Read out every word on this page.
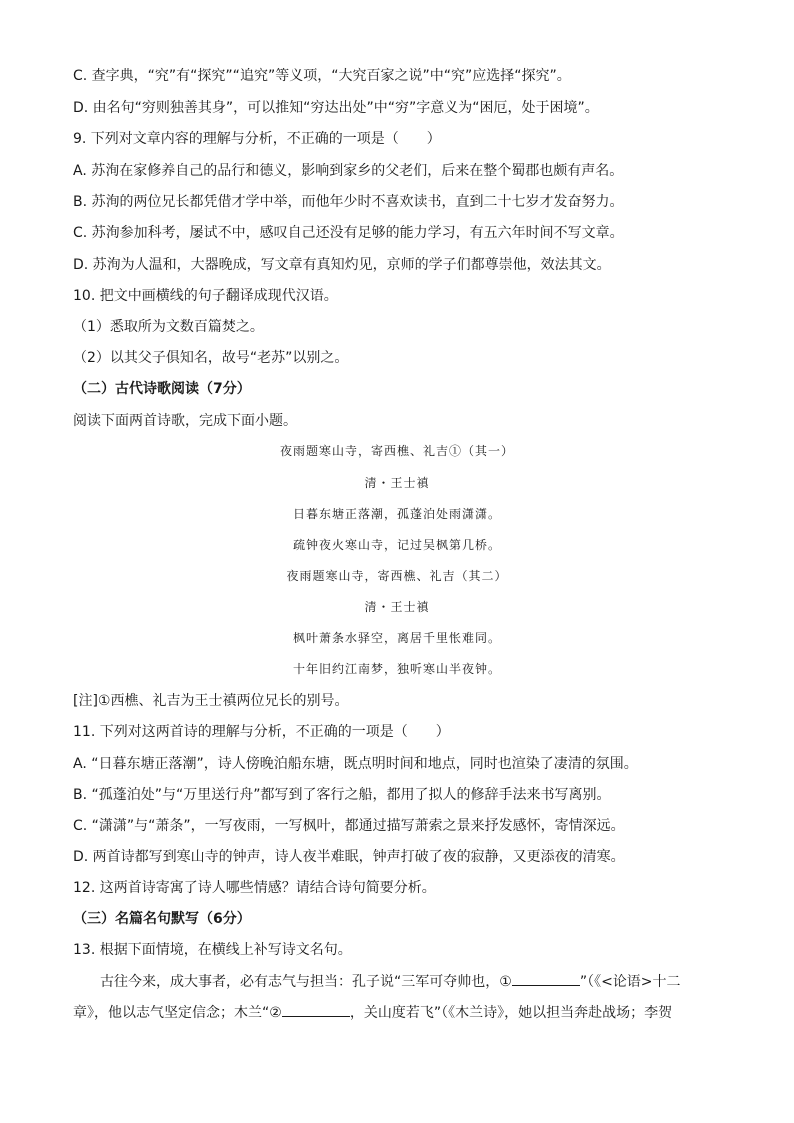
C. 查字典，“究”有“探究”“追究”等义项，“大究百家之说”中“究”应选择“探究”。
D. 由名句“穷则独善其身”，可以推知“穷达出处”中“穷”字意义为“困厄，处于困境”。
9. 下列对文章内容的理解与分析，不正确的一项是（　　）
A. 苏洵在家修养自己的品行和德义，影响到家乡的父老们，后来在整个蜀郡也颇有声名。
B. 苏洵的两位兄长都凭借才学中举，而他年少时不喜欢读书，直到二十七岁才发奋努力。
C. 苏洵参加科考，屡试不中，感叹自己还没有足够的能力学习，有五六年时间不写文章。
D. 苏洵为人温和，大器晚成，写文章有真知灼见，京师的学子们都尊崇他，效法其文。
10. 把文中画横线的句子翻译成现代汉语。
（1）悉取所为文数百篇焚之。
（2）以其父子俱知名，故号“老苏”以别之。
（二）古代诗歌阅读（7分）
阅读下面两首诗歌，完成下面小题。
夜雨题寒山寺，寄西樵、礼吉①（其一）
清・王士禛
日暮东塘正落潮，孤蓬泊处雨潇潇。
疏钟夜火寒山寺，记过吴枫第几桥。
夜雨题寒山寺，寄西樵、礼吉（其二）
清・王士禛
枫叶萧条水驿空，离居千里怅难同。
十年旧约江南梦，独听寒山半夜钟。
[注]①西樵、礼吉为王士禛两位兄长的别号。
11. 下列对这两首诗的理解与分析，不正确的一项是（　　）
A. “日暮东塘正落潮”，诗人傍晚泊船东塘，既点明时间和地点，同时也渲染了凄清的氛围。
B. “孤蓬泊处”与“万里送行舟”都写到了客行之船，都用了拟人的修辞手法来书写离别。
C. “潇潇”与“萧条”，一写夜雨，一写枫叶，都通过描写萧索之景来抒发感怀，寄情深远。
D. 两首诗都写到寒山寺的钟声，诗人夜半难眠，钟声打破了夜的寂静，又更添夜的清寒。
12. 这两首诗寄寓了诗人哪些情感？请结合诗句简要分析。
（三）名篇名句默写（6分）
13. 根据下面情境，在横线上补写诗文名句。
古往今来，成大事者，必有志气与担当：孔子说“三军可夺帅也，①	”（《<论语>十二
章》，他以志气坚定信念；木兰“②	，关山度若飞”（《木兰诗》，她以担当奔赴战场；李贺
